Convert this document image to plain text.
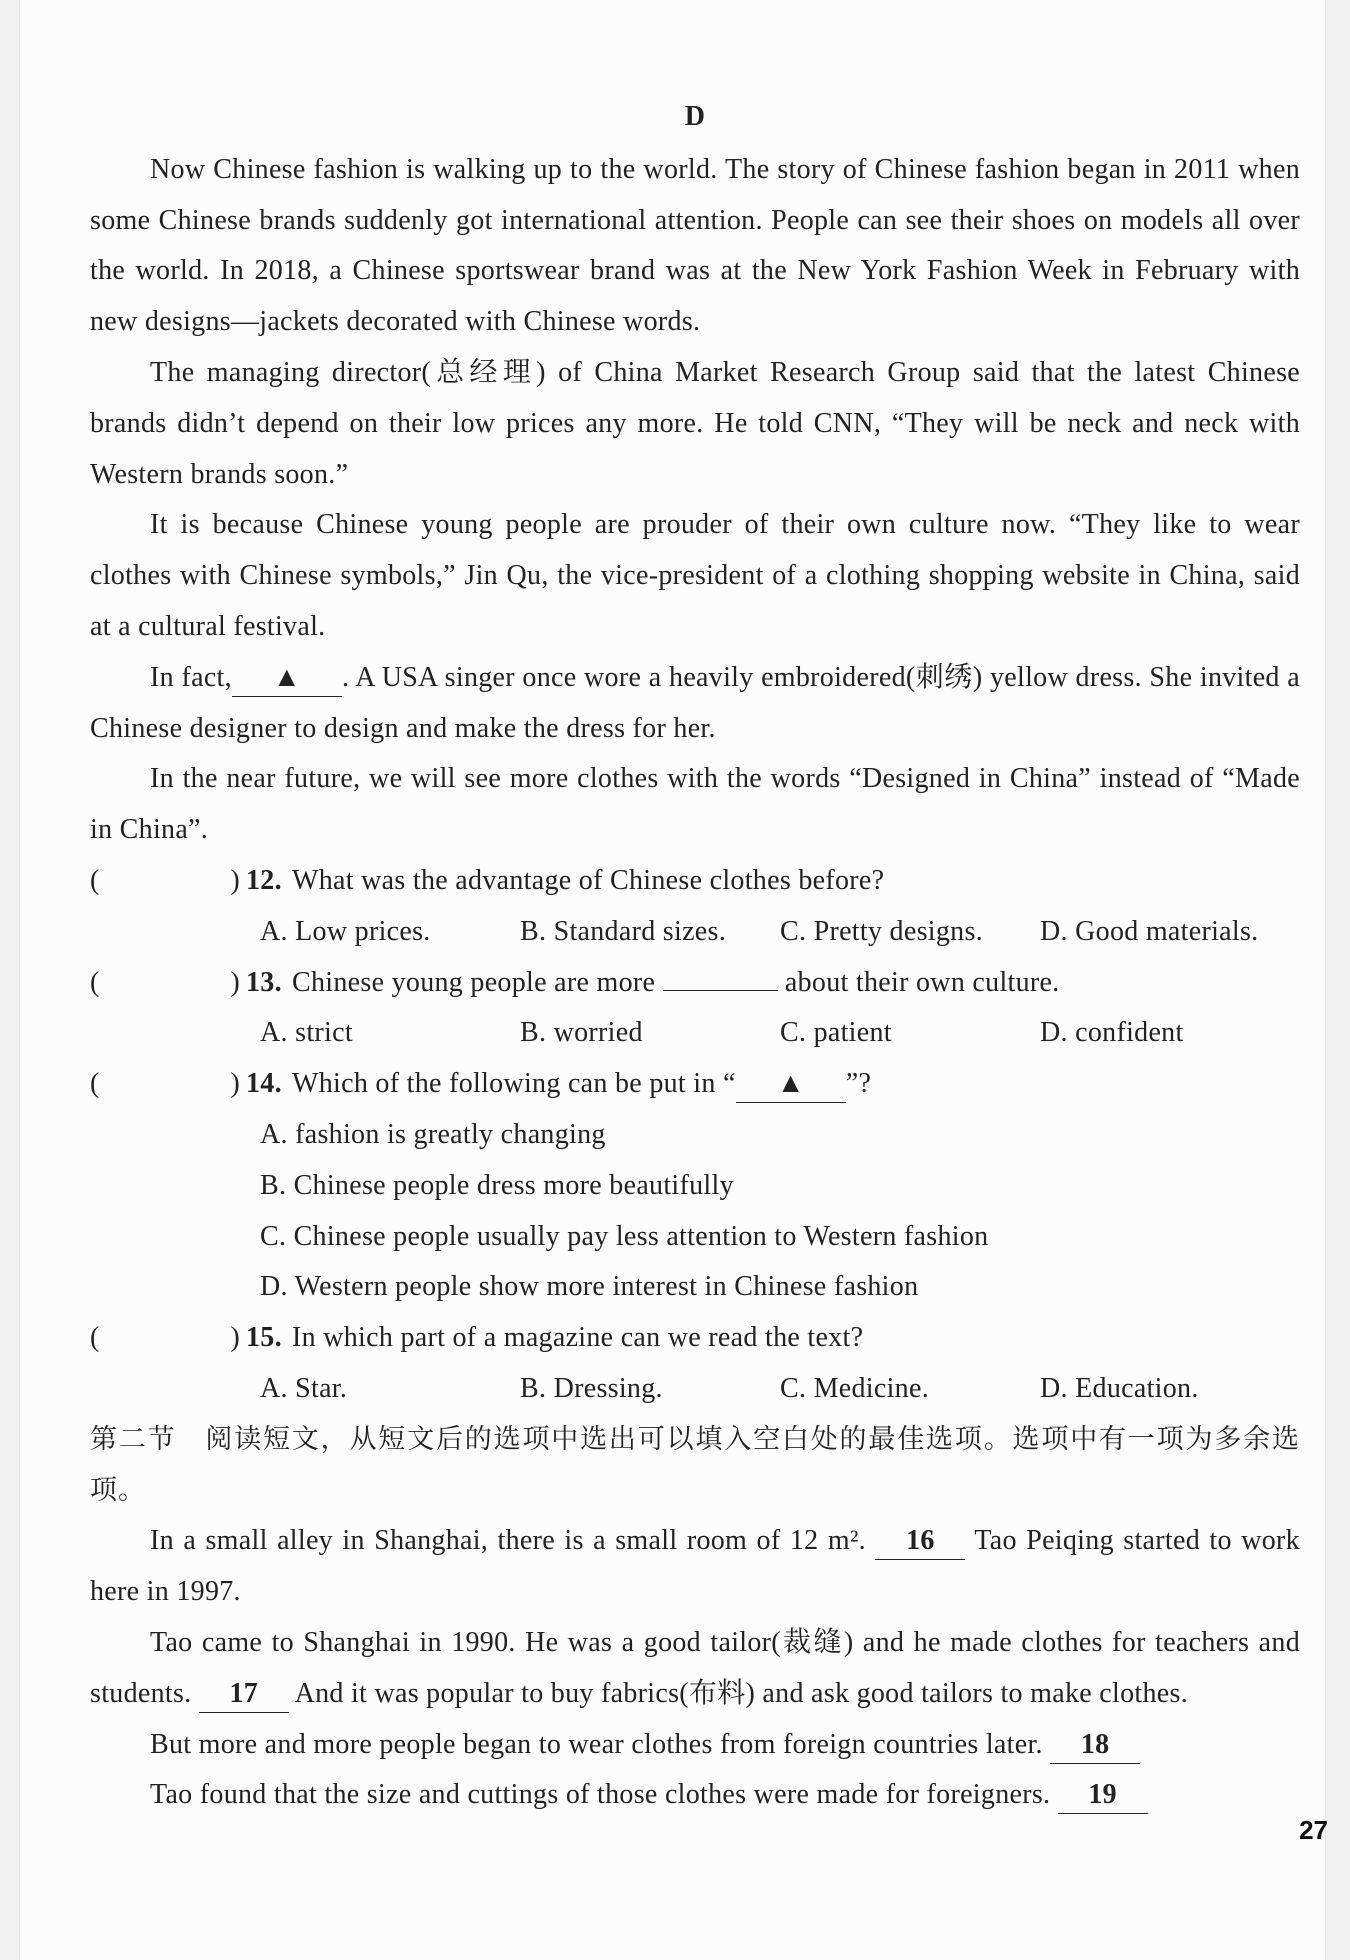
D

Now Chinese fashion is walking up to the world. The story of Chinese fashion began in 2011 when some Chinese brands suddenly got international attention. People can see their shoes on models all over the world. In 2018, a Chinese sportswear brand was at the New York Fashion Week in February with new designs—jackets decorated with Chinese words.

The managing director(总经理) of China Market Research Group said that the latest Chinese brands didn’t depend on their low prices any more. He told CNN, “They will be neck and neck with Western brands soon.”

It is because Chinese young people are prouder of their own culture now. “They like to wear clothes with Chinese symbols,” Jin Qu, the vice-president of a clothing shopping website in China, said at a cultural festival.

In fact, ▲ . A USA singer once wore a heavily embroidered(刺绣) yellow dress. She invited a Chinese designer to design and make the dress for her.

In the near future, we will see more clothes with the words “Designed in China” instead of “Made in China”.

(	) 12. What was the advantage of Chinese clothes before?
A. Low prices.	B. Standard sizes.	C. Pretty designs.	D. Good materials.
(	) 13. Chinese young people are more	about their own culture.
A. strict	B. worried	C. patient	D. confident
(	) 14. Which of the following can be put in “ ▲ ”?
A. fashion is greatly changing
B. Chinese people dress more beautifully
C. Chinese people usually pay less attention to Western fashion
D. Western people show more interest in Chinese fashion
(	) 15. In which part of a magazine can we read the text?
A. Star.	B. Dressing.	C. Medicine.	D. Education.

第二节　阅读短文，从短文后的选项中选出可以填入空白处的最佳选项。选项中有一项为多余选项。

In a small alley in Shanghai, there is a small room of 12 m². 16 Tao Peiqing started to work here in 1997.

Tao came to Shanghai in 1990. He was a good tailor(裁缝) and he made clothes for teachers and students. 17 And it was popular to buy fabrics(布料) and ask good tailors to make clothes.

But more and more people began to wear clothes from foreign countries later. 18

Tao found that the size and cuttings of those clothes were made for foreigners. 19

27
